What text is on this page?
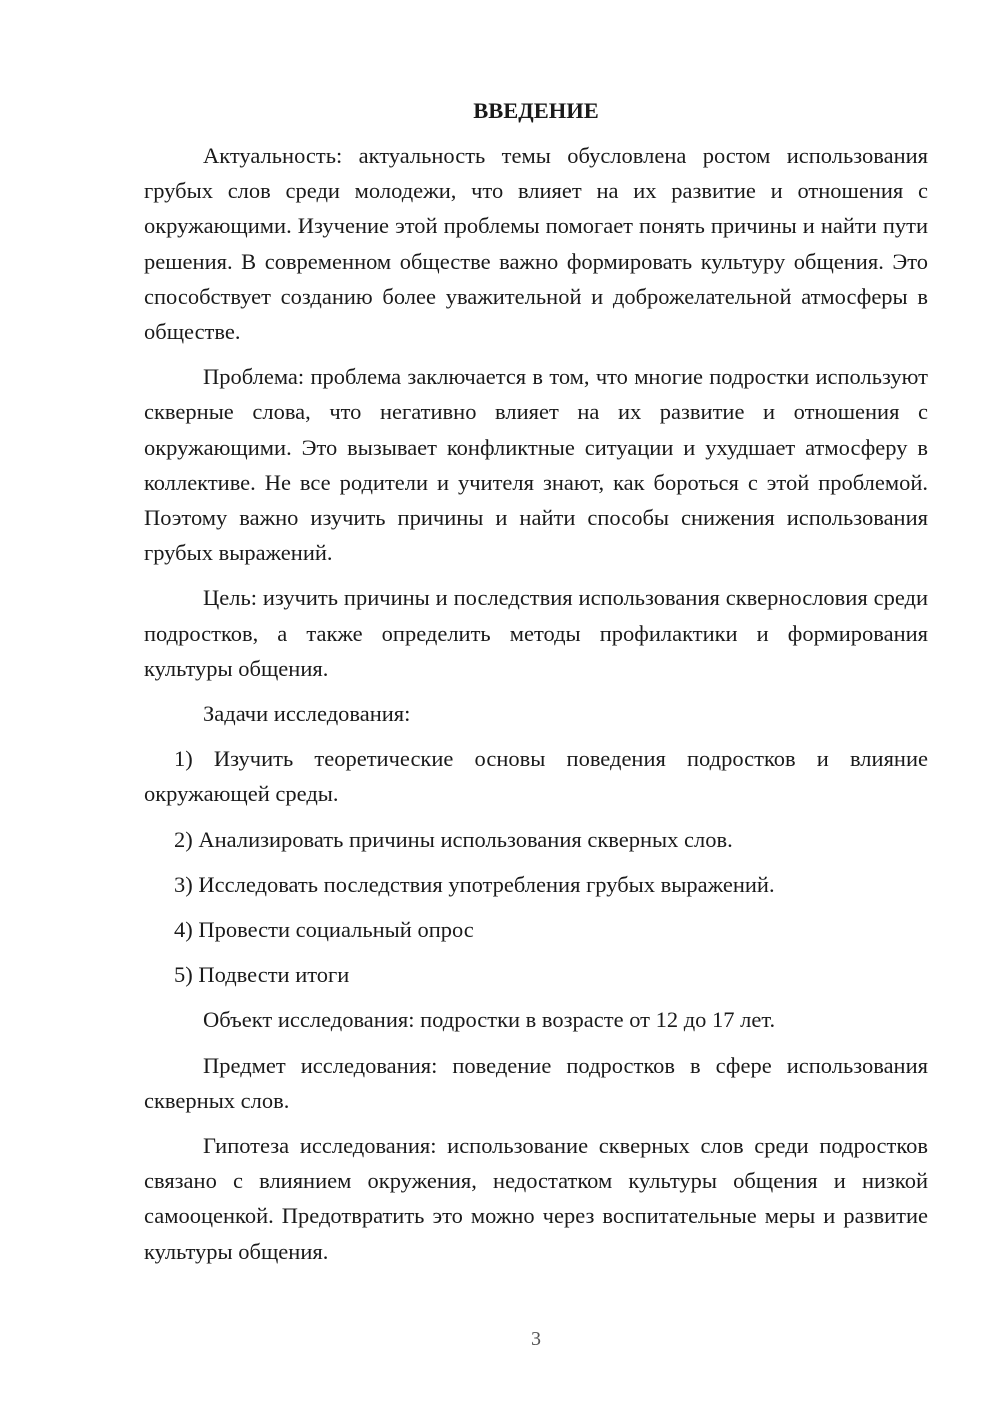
ВВЕДЕНИЕ

Актуальность: актуальность темы обусловлена ростом использования грубых слов среди молодежи, что влияет на их развитие и отношения с окружающими. Изучение этой проблемы помогает понять причины и найти пути решения. В современном обществе важно формировать культуру общения. Это способствует созданию более уважительной и доброжелательной атмосферы в обществе.

Проблема: проблема заключается в том, что многие подростки используют скверные слова, что негативно влияет на их развитие и отношения с окружающими. Это вызывает конфликтные ситуации и ухудшает атмосферу в коллективе. Не все родители и учителя знают, как бороться с этой проблемой. Поэтому важно изучить причины и найти способы снижения использования грубых выражений.

Цель: изучить причины и последствия использования сквернословия среди подростков, а также определить методы профилактики и формирования культуры общения.

Задачи исследования:

1) Изучить теоретические основы поведения подростков и влияние окружающей среды.

2) Анализировать причины использования скверных слов.

3) Исследовать последствия употребления грубых выражений.

4) Провести социальный опрос

5) Подвести итоги

Объект исследования: подростки в возрасте от 12 до 17 лет.

Предмет исследования: поведение подростков в сфере использования скверных слов.

Гипотеза исследования: использование скверных слов среди подростков связано с влиянием окружения, недостатком культуры общения и низкой самооценкой. Предотвратить это можно через воспитательные меры и развитие культуры общения.

3
